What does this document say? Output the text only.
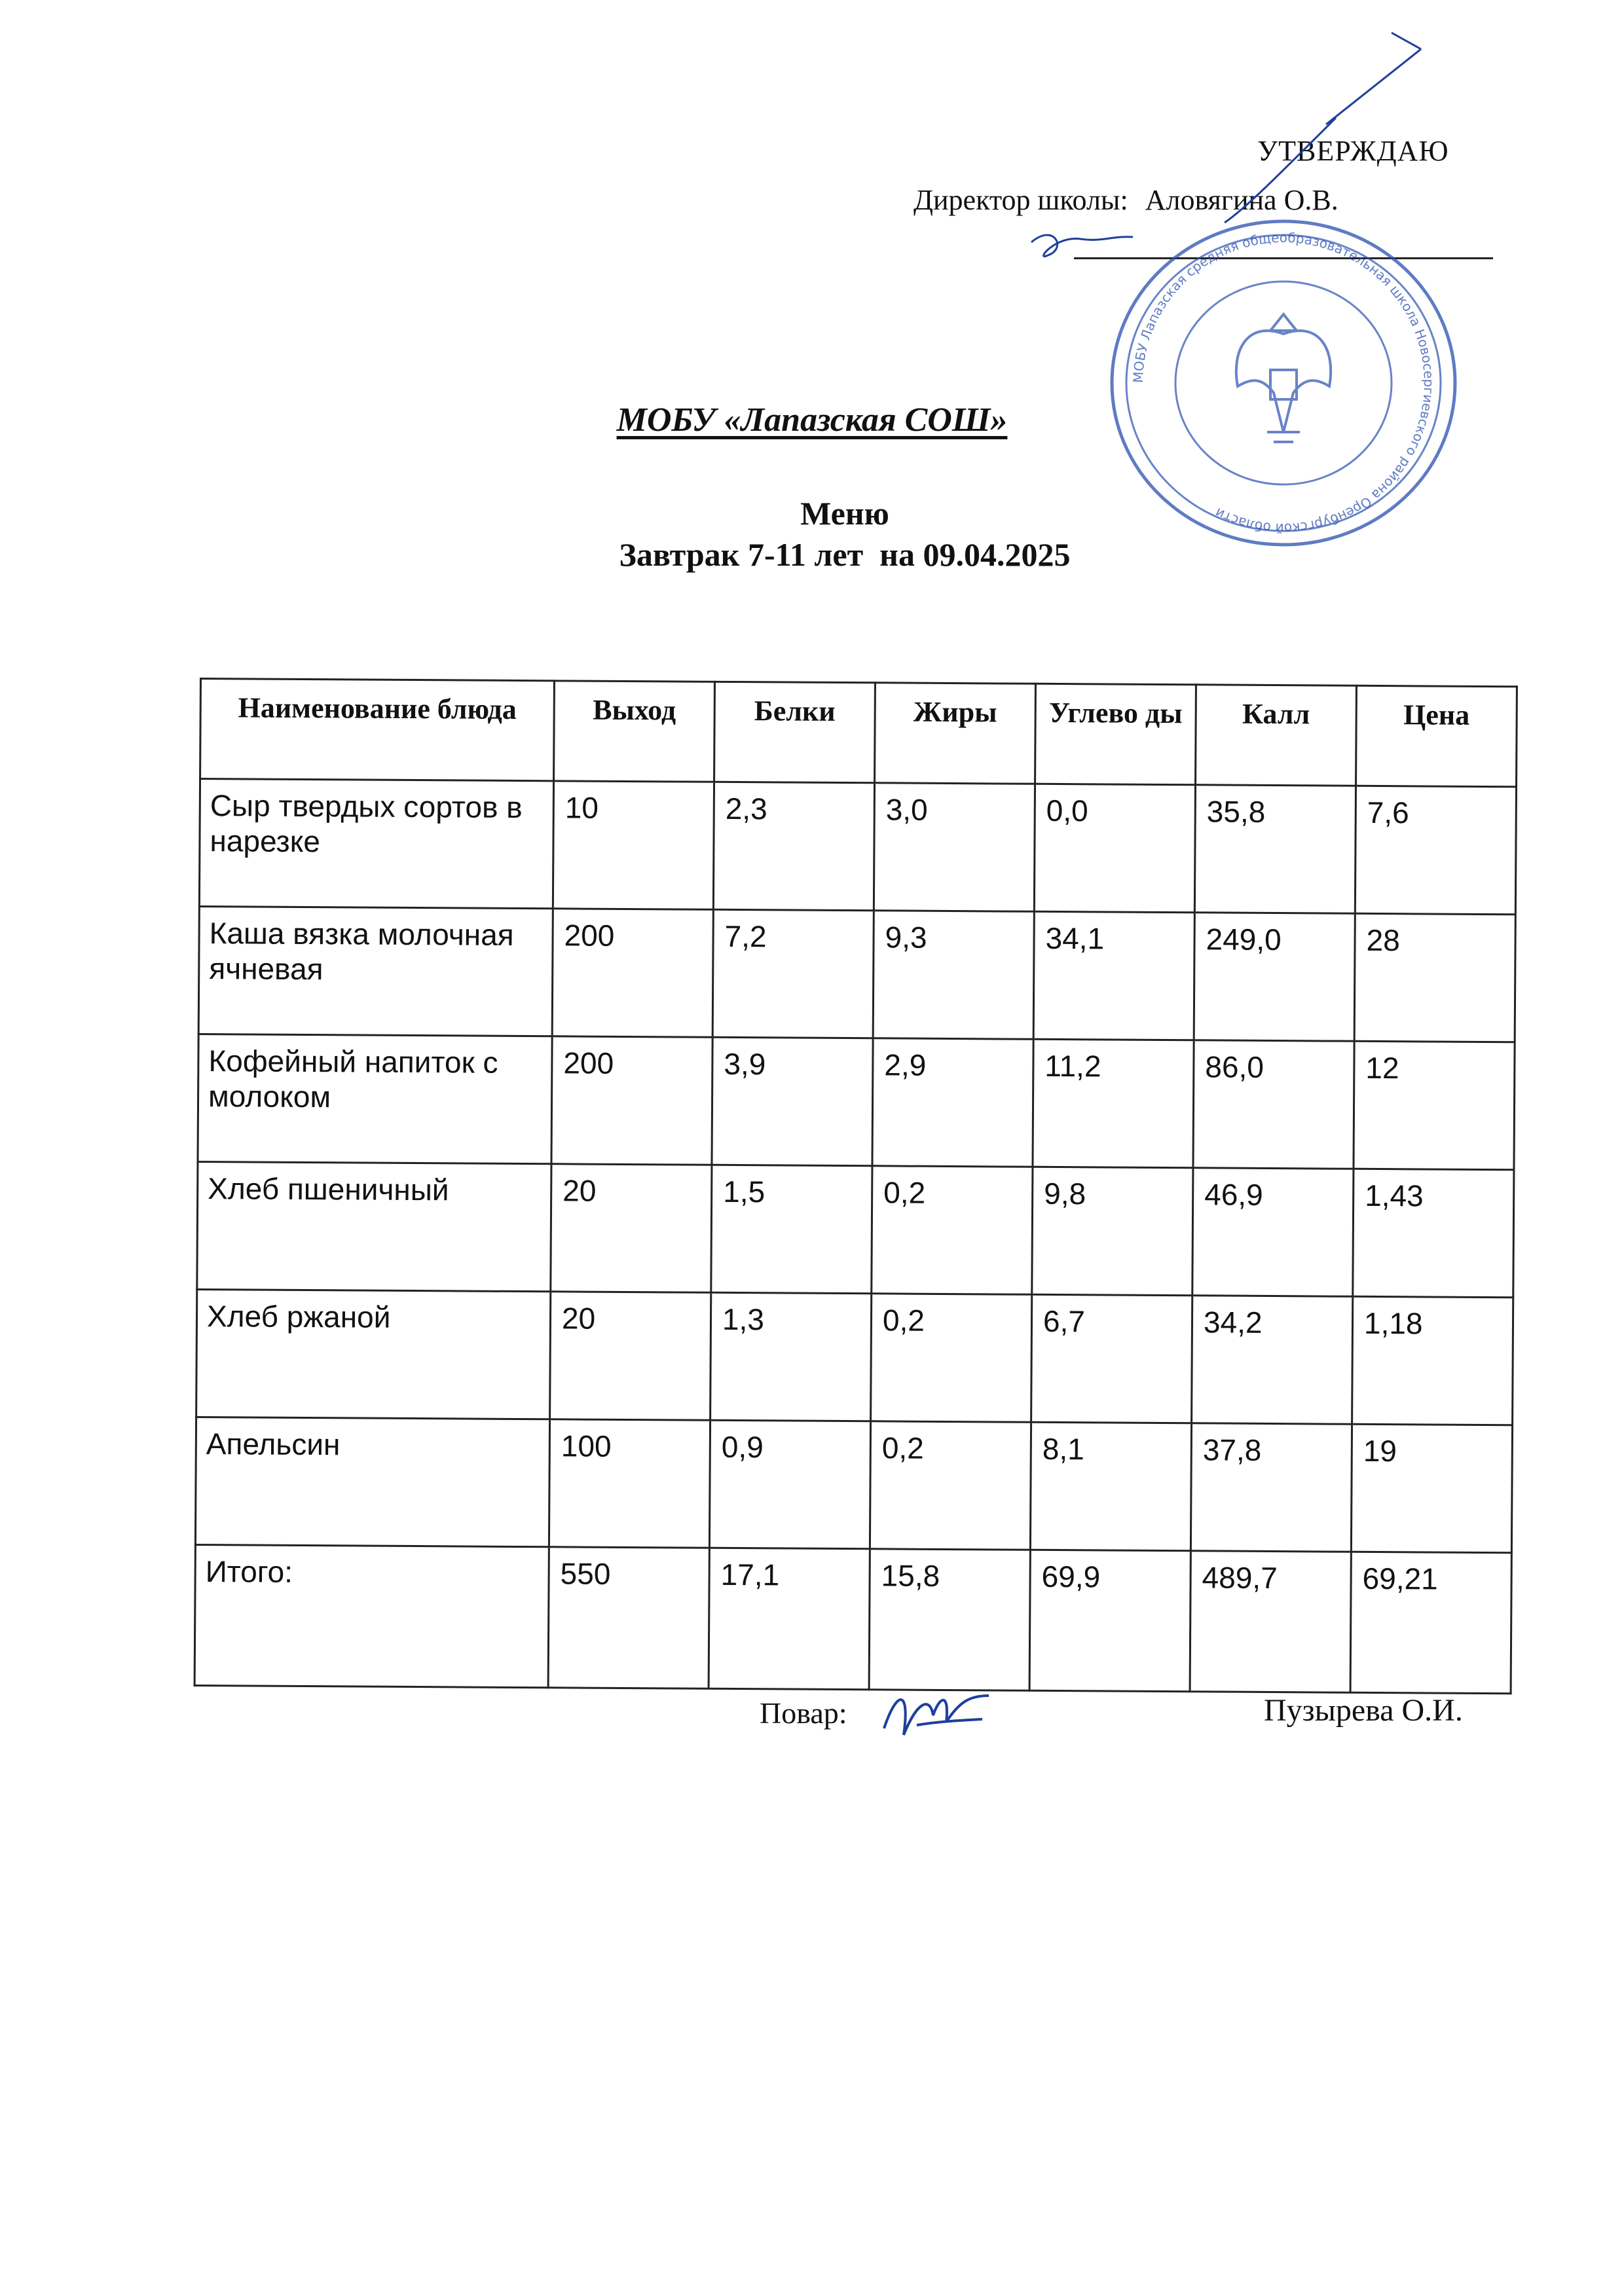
УТВЕРЖДАЮ
Директор школы: Аловягина О.В.
МОБУ Лапазская средняя общеобразовательная школа Новосергиевского района Оренбургской области
МОБУ «Лапазская СОШ»
Меню
Завтрак 7-11 лет  на 09.04.2025
Наименование блюда	Выход	Белки	Жиры	Углево ды	Калл	Цена
Сыр твердых сортов в нарезке	10	2,3	3,0	0,0	35,8	7,6
Каша вязка молочная ячневая	200	7,2	9,3	34,1	249,0	28
Кофейный напиток с молоком	200	3,9	2,9	11,2	86,0	12
Хлеб пшеничный	20	1,5	0,2	9,8	46,9	1,43
Хлеб ржаной	20	1,3	0,2	6,7	34,2	1,18
Апельсин	100	0,9	0,2	8,1	37,8	19
Итого:	550	17,1	15,8	69,9	489,7	69,21
Повар:	Пузырева О.И.
